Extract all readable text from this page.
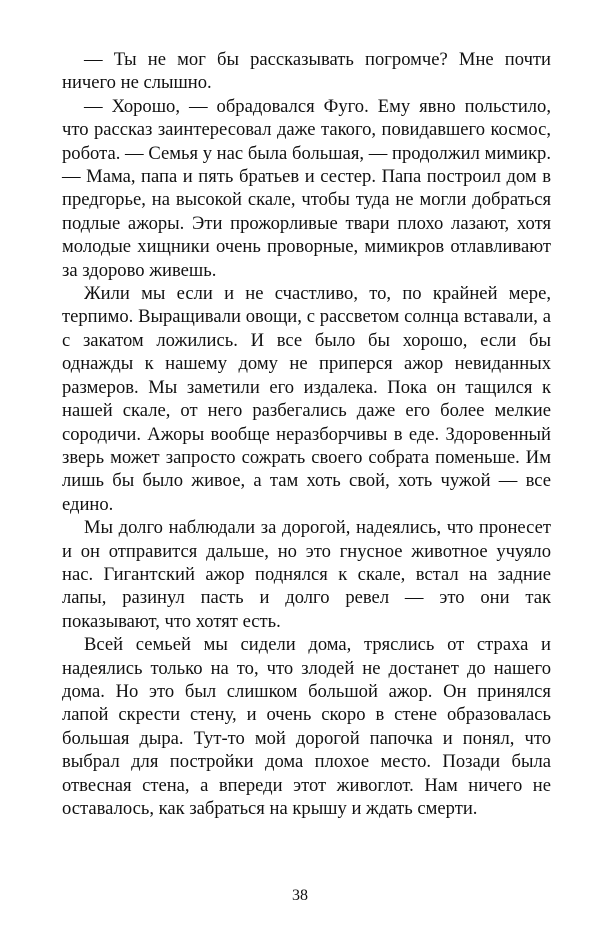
— Ты не мог бы рассказывать погромче? Мне почти ничего не слышно.

— Хорошо, — обрадовался Фуго. Ему явно польстило, что рассказ заинтересовал даже такого, повидавшего космос, робота. — Семья у нас была большая, — продолжил мимикр. — Мама, папа и пять братьев и сестер. Папа построил дом в предгорье, на высокой скале, чтобы туда не могли добраться подлые ажоры. Эти прожорливые твари плохо лазают, хотя молодые хищники очень проворные, мимикров отлавливают за здорово живешь.

Жили мы если и не счастливо, то, по крайней мере, терпимо. Выращивали овощи, с рассветом солнца вставали, а с закатом ложились. И все было бы хорошо, если бы однажды к нашему дому не приперся ажор невиданных размеров. Мы заметили его издалека. Пока он тащился к нашей скале, от него разбегались даже его более мелкие сородичи. Ажоры вообще неразборчивы в еде. Здоровенный зверь может запросто сожрать своего собрата поменьше. Им лишь бы было живое, а там хоть свой, хоть чужой — все едино.

Мы долго наблюдали за дорогой, надеялись, что пронесет и он отправится дальше, но это гнусное животное учуяло нас. Гигантский ажор поднялся к скале, встал на задние лапы, разинул пасть и долго ревел — это они так показывают, что хотят есть.

Всей семьей мы сидели дома, тряслись от страха и надеялись только на то, что злодей не достанет до нашего дома. Но это был слишком большой ажор. Он принялся лапой скрести стену, и очень скоро в стене образовалась большая дыра. Тут-то мой дорогой папочка и понял, что выбрал для постройки дома плохое место. Позади была отвесная стена, а впереди этот живоглот. Нам ничего не оставалось, как забраться на крышу и ждать смерти.

38
